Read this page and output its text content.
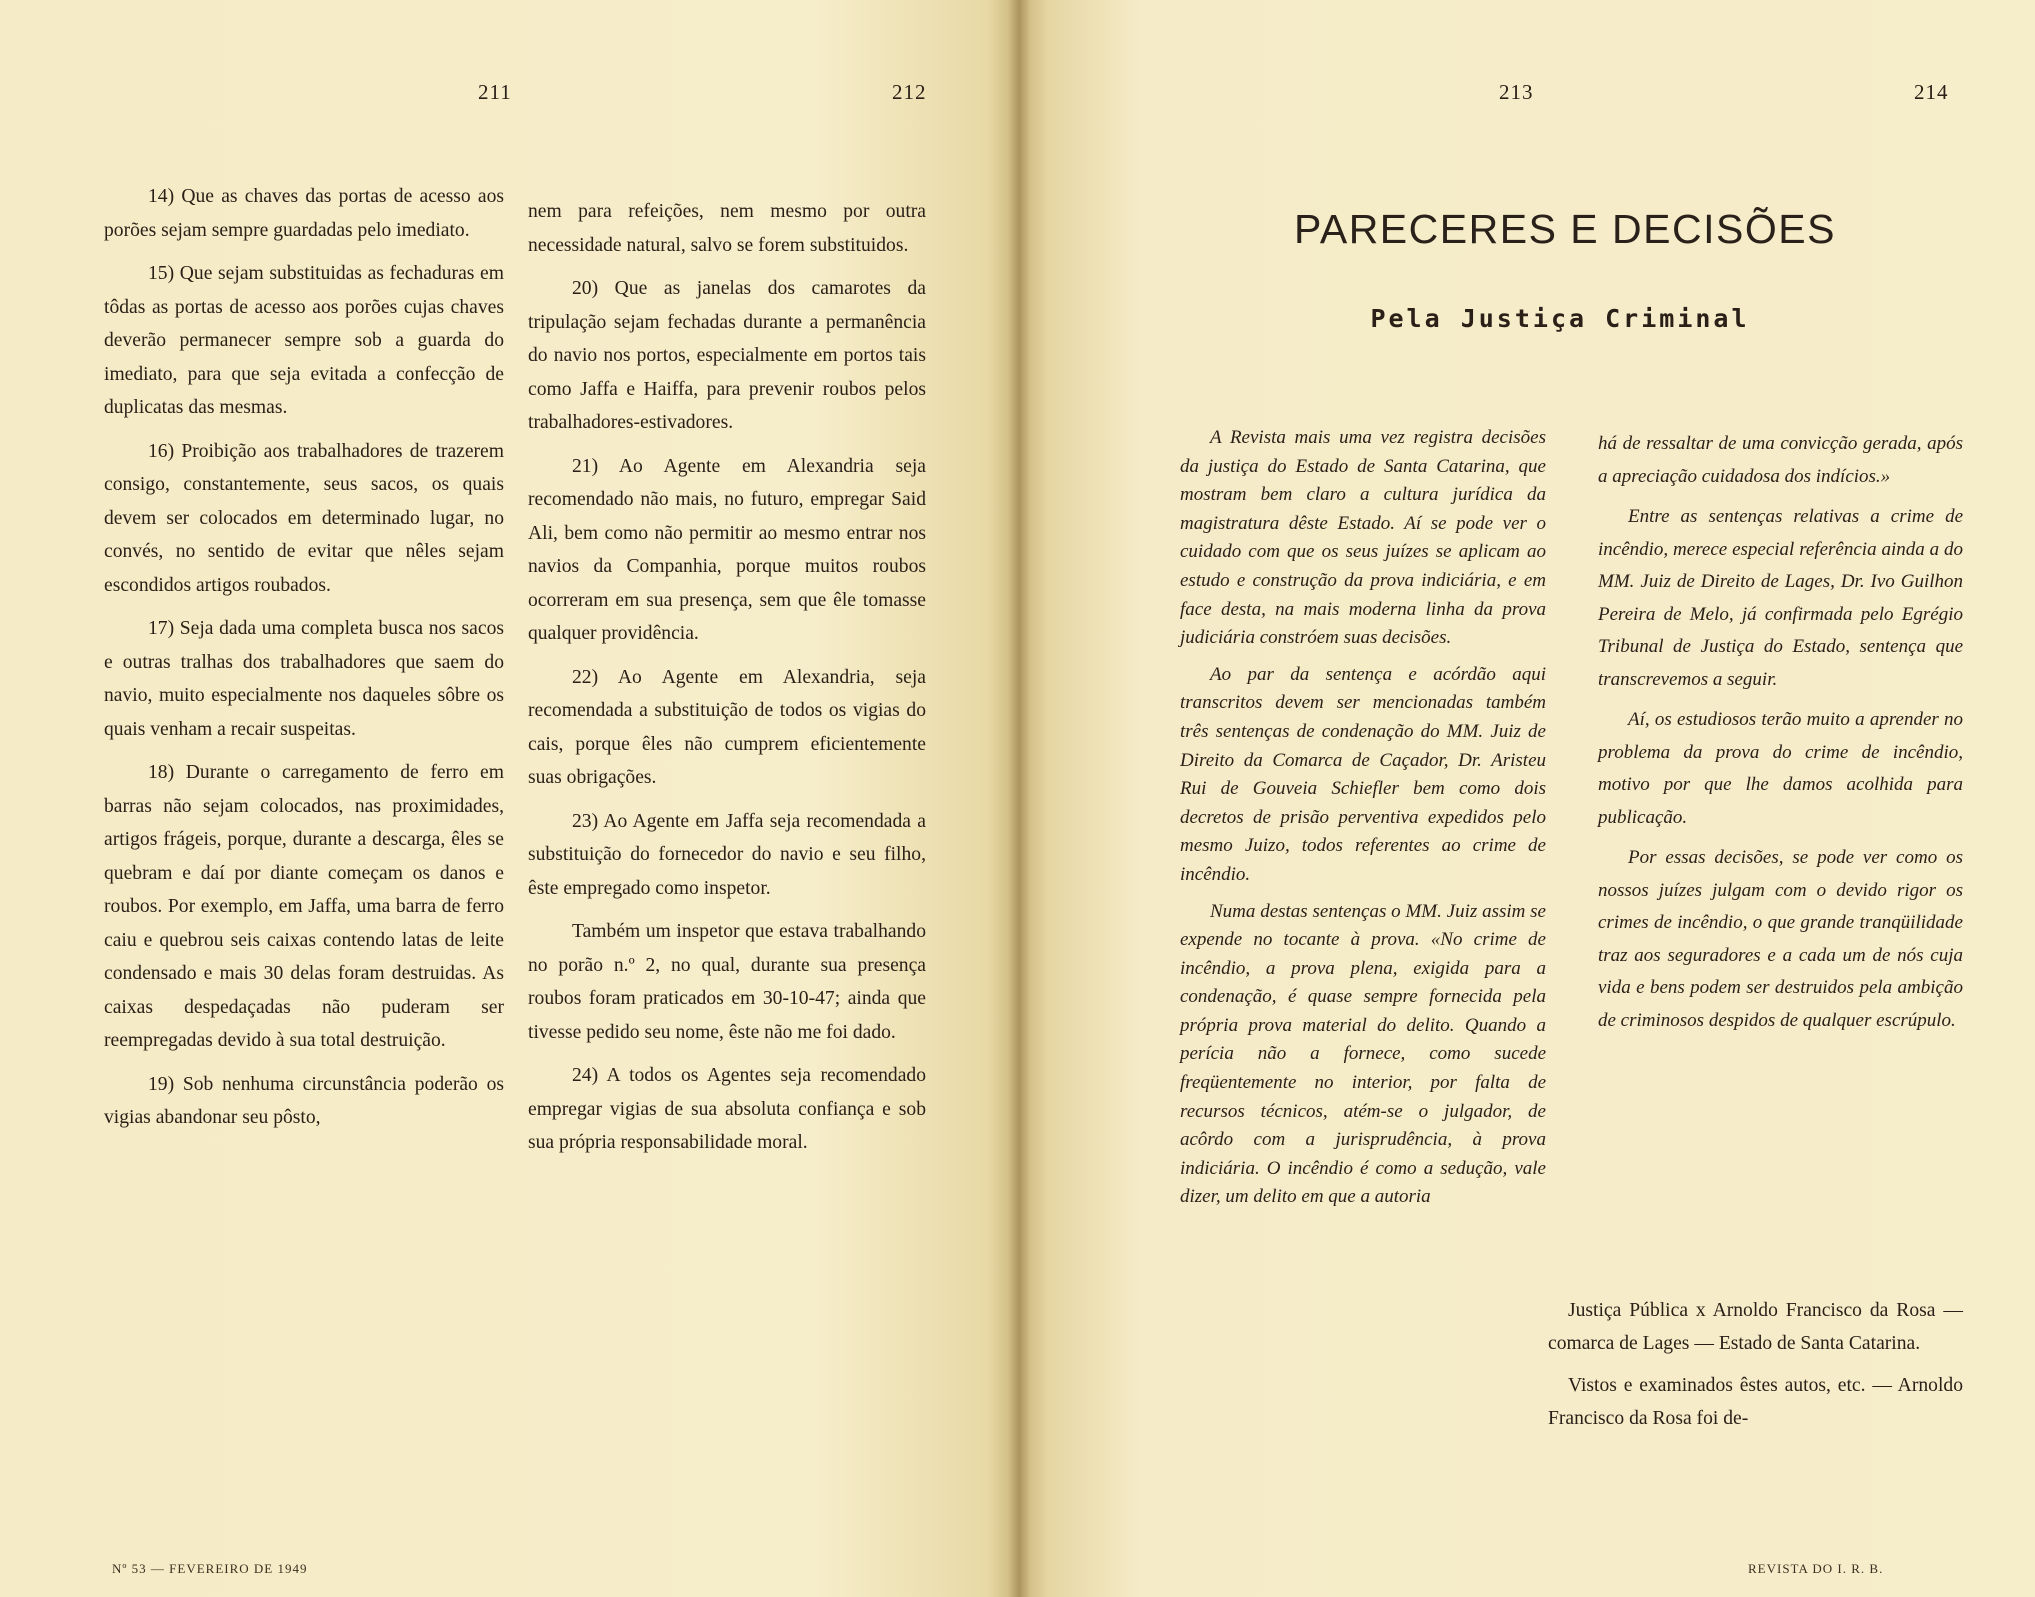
211	212

14) Que as chaves das portas de acesso aos porões sejam sempre guardadas pelo imediato.

15) Que sejam substituidas as fechaduras em tôdas as portas de acesso aos porões cujas chaves deverão permanecer sempre sob a guarda do imediato, para que seja evitada a confecção de duplicatas das mesmas.

16) Proibição aos trabalhadores de trazerem consigo, constantemente, seus sacos, os quais devem ser colocados em determinado lugar, no convés, no sentido de evitar que nêles sejam escondidos artigos roubados.

17) Seja dada uma completa busca nos sacos e outras tralhas dos trabalhadores que saem do navio, muito especialmente nos daqueles sôbre os quais venham a recair suspeitas.

18) Durante o carregamento de ferro em barras não sejam colocados, nas proximidades, artigos frágeis, porque, durante a descarga, êles se quebram e daí por diante começam os danos e roubos. Por exemplo, em Jaffa, uma barra de ferro caiu e quebrou seis caixas contendo latas de leite condensado e mais 30 delas foram destruidas. As caixas despedaçadas não puderam ser reempregadas devido à sua total destruição.

19) Sob nenhuma circunstância poderão os vigias abandonar seu pôsto,

nem para refeições, nem mesmo por outra necessidade natural, salvo se forem substituidos.

20) Que as janelas dos camarotes da tripulação sejam fechadas durante a permanência do navio nos portos, especialmente em portos tais como Jaffa e Haiffa, para prevenir roubos pelos trabalhadores-estivadores.

21) Ao Agente em Alexandria seja recomendado não mais, no futuro, empregar Said Ali, bem como não permitir ao mesmo entrar nos navios da Companhia, porque muitos roubos ocorreram em sua presença, sem que êle tomasse qualquer providência.

22) Ao Agente em Alexandria, seja recomendada a substituição de todos os vigias do cais, porque êles não cumprem eficientemente suas obrigações.

23) Ao Agente em Jaffa seja recomendada a substituição do fornecedor do navio e seu filho, êste empregado como inspetor.

Também um inspetor que estava trabalhando no porão n.º 2, no qual, durante sua presença roubos foram praticados em 30-10-47; ainda que tivesse pedido seu nome, êste não me foi dado.

24) A todos os Agentes seja recomendado empregar vigias de sua absoluta confiança e sob sua própria responsabilidade moral.

Nº 53 — FEVEREIRO DE 1949
213	214

A Revista mais uma vez registra decisões da justiça do Estado de Santa Catarina, que mostram bem claro a cultura jurídica da magistratura dêste Estado. Aí se pode ver o cuidado com que os seus juízes se aplicam ao estudo e construção da prova indiciária, e em face desta, na mais moderna linha da prova judiciária constróem suas decisões.

Ao par da sentença e acórdão aqui transcritos devem ser mencionadas também três sentenças de condenação do MM. Juiz de Direito da Comarca de Caçador, Dr. Aristeu Rui de Gouveia Schiefler bem como dois decretos de prisão perventiva expedidos pelo mesmo Juizo, todos referentes ao crime de incêndio.

Numa destas sentenças o MM. Juiz assim se expende no tocante à prova. «No crime de incêndio, a prova plena, exigida para a condenação, é quase sempre fornecida pela própria prova material do delito. Quando a perícia não a fornece, como sucede freqüentemente no interior, por falta de recursos técnicos, atém-se o julgador, de acôrdo com a jurisprudência, à prova indiciária. O incêndio é como a sedução, vale dizer, um delito em que a autoria

há de ressaltar de uma convicção gerada, após a apreciação cuidadosa dos indícios.»

Entre as sentenças relativas a crime de incêndio, merece especial referência ainda a do MM. Juiz de Direito de Lages, Dr. Ivo Guilhon Pereira de Melo, já confirmada pelo Egrégio Tribunal de Justiça do Estado, sentença que transcrevemos a seguir.

Aí, os estudiosos terão muito a aprender no problema da prova do crime de incêndio, motivo por que lhe damos acolhida para publicação.

Por essas decisões, se pode ver como os nossos juízes julgam com o devido rigor os crimes de incêndio, o que grande tranqüilidade traz aos seguradores e a cada um de nós cuja vida e bens podem ser destruidos pela ambição de criminosos despidos de qualquer escrúpulo.

Justiça Pública x Arnoldo Francisco da Rosa — comarca de Lages — Estado de Santa Catarina.

Vistos e examinados êstes autos, etc. — Arnoldo Francisco da Rosa foi de-

REVISTA DO I. R. B.
PARECERES E DECISÕES
Pela Justiça Criminal
